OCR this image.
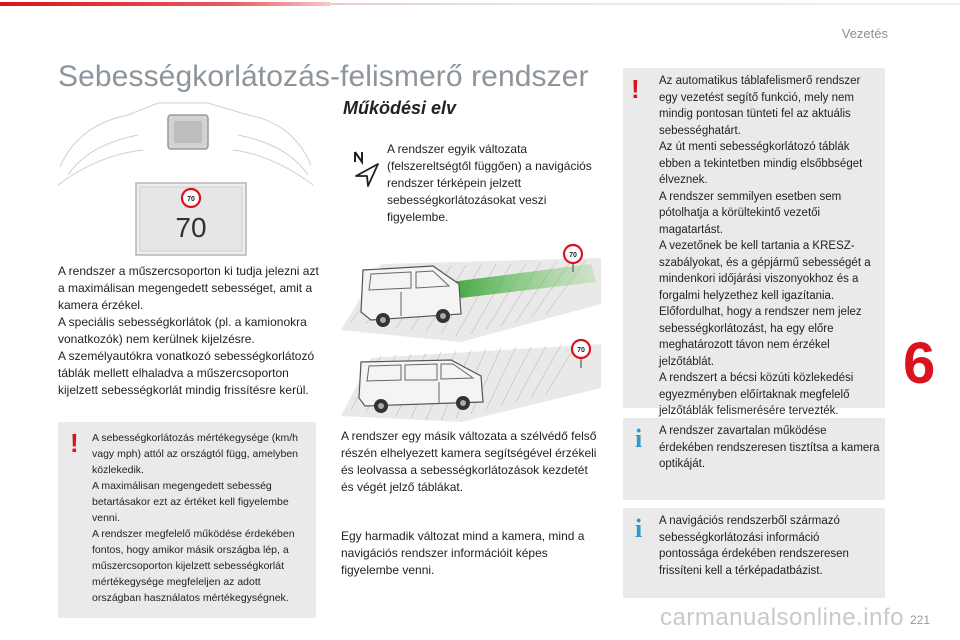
Vezetés
Sebességkorlátozás-felismerő rendszer
70
70

A rendszer a műszercsoporton ki tudja jelezni azt a maximálisan megengedett sebességet, amit a kamera érzékel.

A speciális sebességkorlátok (pl. a kamionokra vonatkozók) nem kerülnek kijelzésre.

A személyautókra vonatkozó sebességkorlátozó táblák mellett elhaladva a műszercsoporton kijelzett sebességkorlát mindig frissítésre kerül.

! A sebességkorlátozás mértékegysége (km/h vagy mph) attól az országtól függ, amelyben közlekedik.

A maximálisan megengedett sebesség betartásakor ezt az értéket kell figyelembe venni.

A rendszer megfelelő működése érdekében fontos, hogy amikor másik országba lép, a műszercsoporton kijelzett sebességkorlát mértékegysége megfeleljen az adott országban használatos mértékegységnek.

Működési elv
A rendszer egyik változata (felszereltségtől függően) a navigációs rendszer térképein jelzett sebességkorlátozásokat veszi figyelembe.
70
70
A rendszer egy másik változata a szélvédő felső részén elhelyezett kamera segítségével érzékeli és leolvassa a sebességkorlátozások kezdetét és végét jelző táblákat.
Egy harmadik változat mind a kamera, mind a navigációs rendszer információit képes figyelembe venni.
! Az automatikus táblafelismerő rendszer egy vezetést segítő funkció, mely nem mindig pontosan tünteti fel az aktuális sebességhatárt.

Az út menti sebességkorlátozó táblák ebben a tekintetben mindig elsőbbséget élveznek.

A rendszer semmilyen esetben sem pótolhatja a körültekintő vezetői magatartást.

A vezetőnek be kell tartania a KRESZ-szabályokat, és a gépjármű sebességét a mindenkori időjárási viszonyokhoz és a forgalmi helyzethez kell igazítania.

Előfordulhat, hogy a rendszer nem jelez sebességkorlátozást, ha egy előre meghatározott távon nem érzékel jelzőtáblát.

A rendszert a bécsi közúti közlekedési egyezményben előírtaknak megfelelő jelzőtáblák felismerésére tervezték.

i A rendszer zavartalan működése érdekében rendszeresen tisztítsa a kamera optikáját.
i A navigációs rendszerből származó sebességkorlátozási információ pontossága érdekében rendszeresen frissíteni kell a térképadatbázist.
6
carmanualsonline.info 221
